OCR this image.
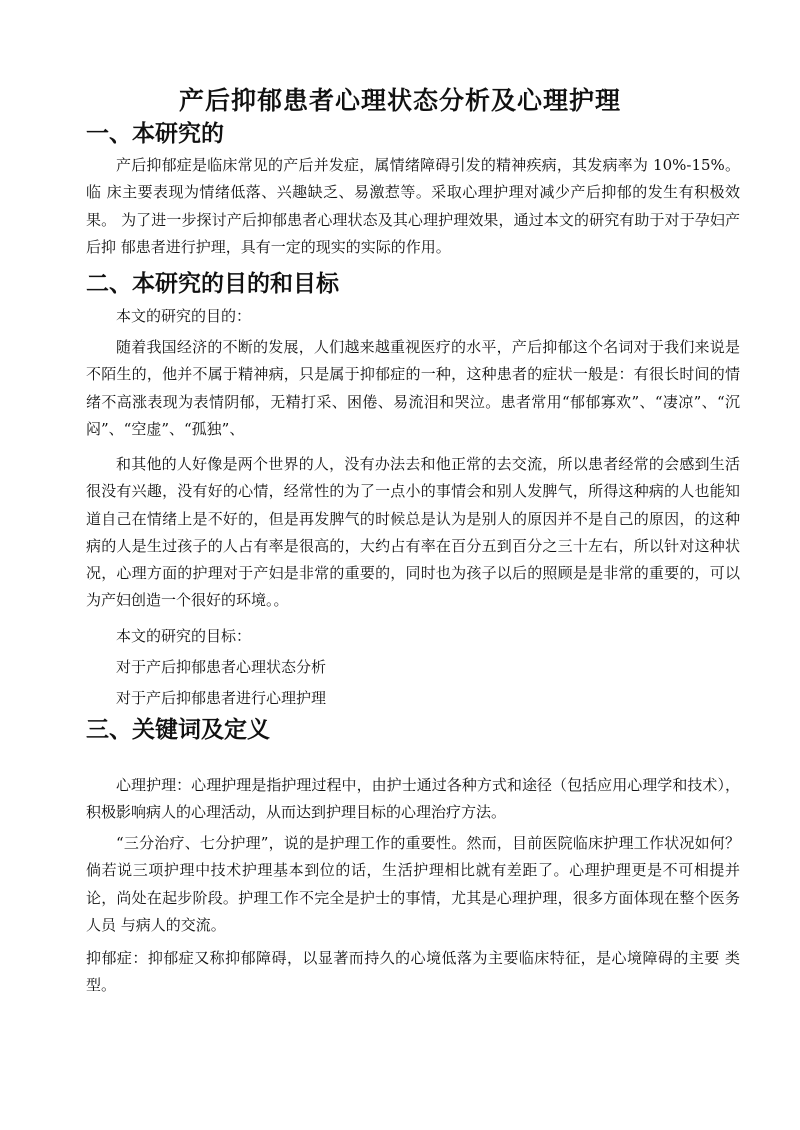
产后抑郁患者心理状态分析及心理护理
一、本研究的

产后抑郁症是临床常见的产后并发症，属情绪障碍引发的精神疾病，其发病率为 10%-15%。临 床主要表现为情绪低落、兴趣缺乏、易激惹等。采取心理护理对减少产后抑郁的发生有积极效果。 为了进一步探讨产后抑郁患者心理状态及其心理护理效果，通过本文的研究有助于对于孕妇产后抑 郁患者进行护理，具有一定的现实的实际的作用。

二、本研究的目的和目标
本文的研究的目的：

随着我国经济的不断的发展，人们越来越重视医疗的水平，产后抑郁这个名词对于我们来说是不陌生的，他并不属于精神病，只是属于抑郁症的一种，这种患者的症状一般是：有很长时间的情 绪不高涨表现为表情阴郁，无精打采、困倦、易流泪和哭泣。患者常用“郁郁寡欢”、“凄凉”、“沉闷”、“空虚”、“孤独”、

和其他的人好像是两个世界的人，没有办法去和他正常的去交流，所以患者经常的会感到生活很没有兴趣，没有好的心情，经常性的为了一点小的事情会和别人发脾气，所得这种病的人也能知 道自己在情绪上是不好的，但是再发脾气的时候总是认为是别人的原因并不是自己的原因，的这种 病的人是生过孩子的人占有率是很高的，大约占有率在百分五到百分之三十左右，所以针对这种状 况，心理方面的护理对于产妇是非常的重要的，同时也为孩子以后的照顾是是非常的重要的，可以 为产妇创造一个很好的环境。。

本文的研究的目标：
对于产后抑郁患者心理状态分析
对于产后抑郁患者进行心理护理
三、关键词及定义

心理护理：心理护理是指护理过程中，由护士通过各种方式和途径（包括应用心理学和技术），积极影响病人的心理活动，从而达到护理目标的心理治疗方法。

“三分治疗、七分护理”，说的是护理工作的重要性。然而，目前医院临床护理工作状况如何？倘若说三项护理中技术护理基本到位的话，生活护理相比就有差距了。心理护理更是不可相提并论，尚处在起步阶段。护理工作不完全是护士的事情，尤其是心理护理，很多方面体现在整个医务人员 与病人的交流。

抑郁症：抑郁症又称抑郁障碍，以显著而持久的心境低落为主要临床特征，是心境障碍的主要 类型。
